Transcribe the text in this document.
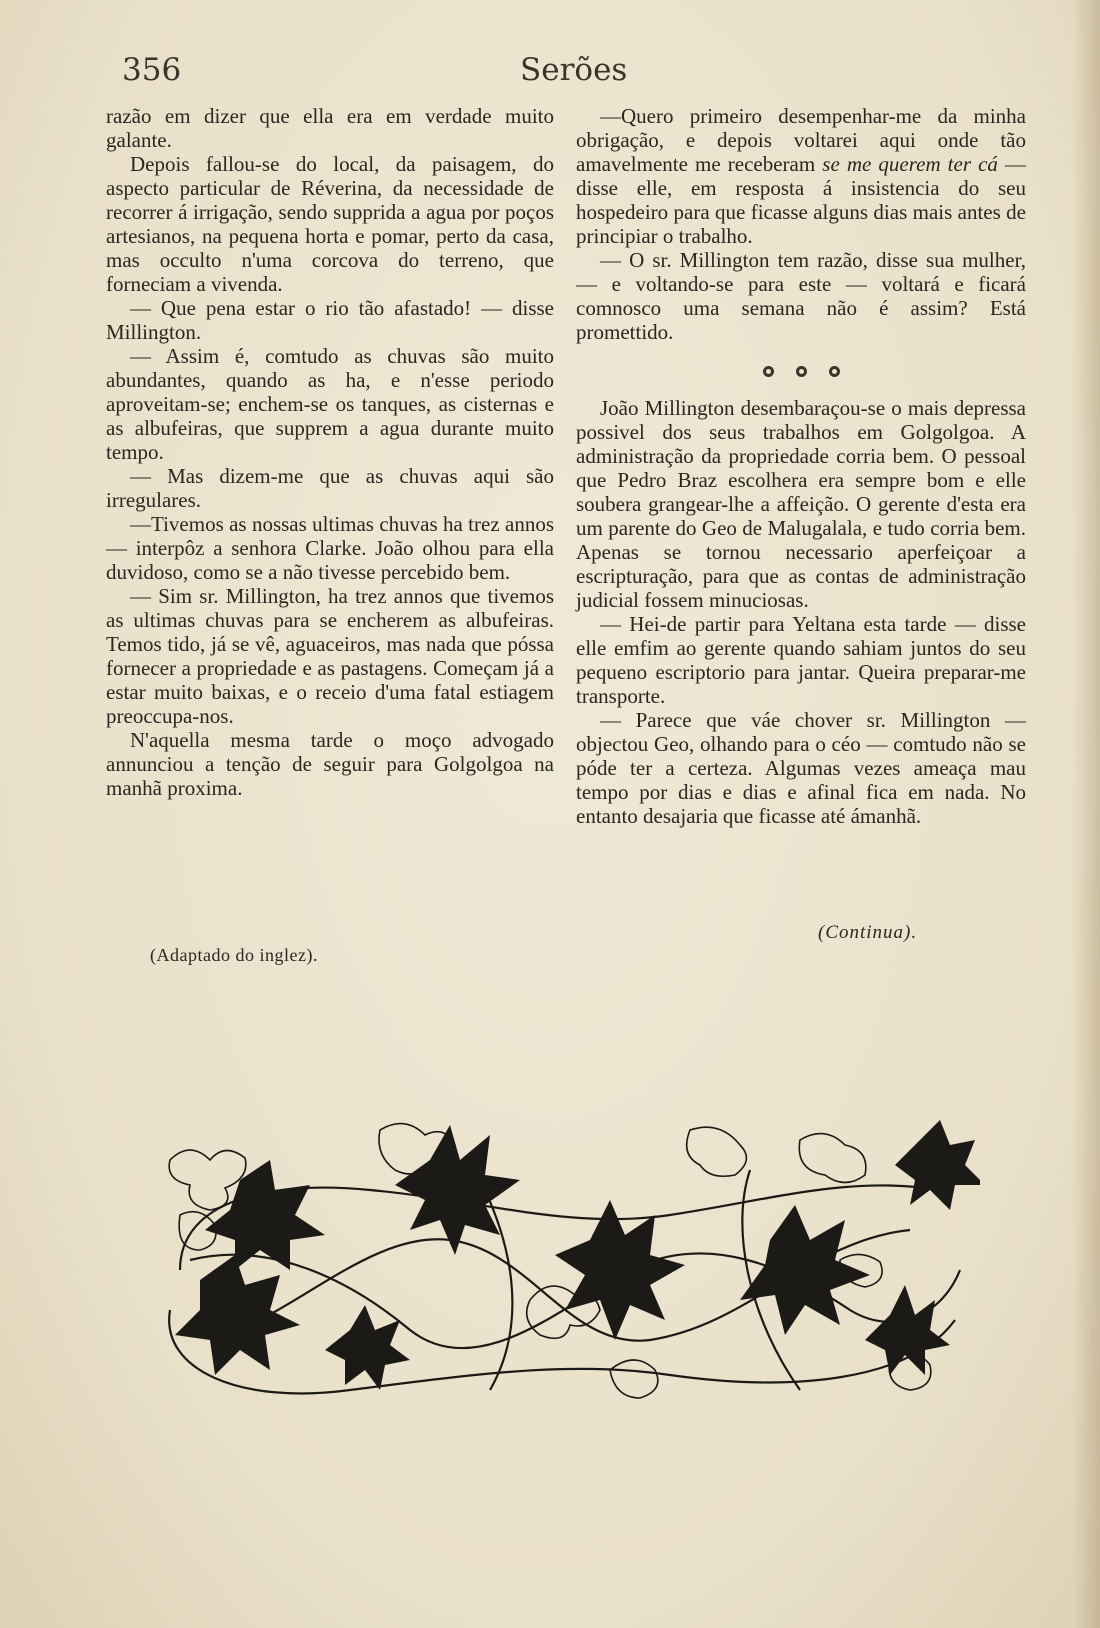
356	Serões

razão em dizer que ella era em verdade muito galante.

Depois fallou-se do local, da paisagem, do aspecto particular de Réverina, da necessidade de recorrer á irrigação, sendo supprida a agua por poços artesianos, na pequena horta e pomar, perto da casa, mas occulto n'uma corcova do terreno, que forneciam a vivenda.

— Que pena estar o rio tão afastado! — disse Millington.

— Assim é, comtudo as chuvas são muito abundantes, quando as ha, e n'esse periodo aproveitam-se; enchem-se os tanques, as cisternas e as albufeiras, que supprem a agua durante muito tempo.

— Mas dizem-me que as chuvas aqui são irregulares.

—Tivemos as nossas ultimas chuvas ha trez annos — interpôz a senhora Clarke. João olhou para ella duvidoso, como se a não tivesse percebido bem.

— Sim sr. Millington, ha trez annos que tivemos as ultimas chuvas para se encherem as albufeiras. Temos tido, já se vê, aguaceiros, mas nada que póssa fornecer a propriedade e as pastagens. Começam já a estar muito baixas, e o receio d'uma fatal estiagem preoccupa-nos.

N'aquella mesma tarde o moço advogado annunciou a tenção de seguir para Golgolgoa na manhã proxima.

—Quero primeiro desempenhar-me da minha obrigação, e depois voltarei aqui onde tão amavelmente me receberam se me querem ter cá — disse elle, em resposta á insistencia do seu hospedeiro para que ficasse alguns dias mais antes de principiar o trabalho.

— O sr. Millington tem razão, disse sua mulher, — e voltando-se para este — voltará e ficará comnosco uma semana não é assim? Está promettido.

João Millington desembaraçou-se o mais depressa possivel dos seus trabalhos em Golgolgoa. A administração da propriedade corria bem. O pessoal que Pedro Braz escolhera era sempre bom e elle soubera grangear-lhe a affeição. O gerente d'esta era um parente do Geo de Malugalala, e tudo corria bem. Apenas se tornou necessario aperfeiçoar a escripturação, para que as contas de administração judicial fossem minuciosas.

— Hei-de partir para Yeltana esta tarde — disse elle emfim ao gerente quando sahiam juntos do seu pequeno escriptorio para jantar. Queira preparar-me transporte.

— Parece que váe chover sr. Millington — objectou Geo, olhando para o céo — comtudo não se póde ter a certeza. Algumas vezes ameaça mau tempo por dias e dias e afinal fica em nada. No entanto desajaria que ficasse até ámanhã.

(Adaptado do inglez).
(Continua).
